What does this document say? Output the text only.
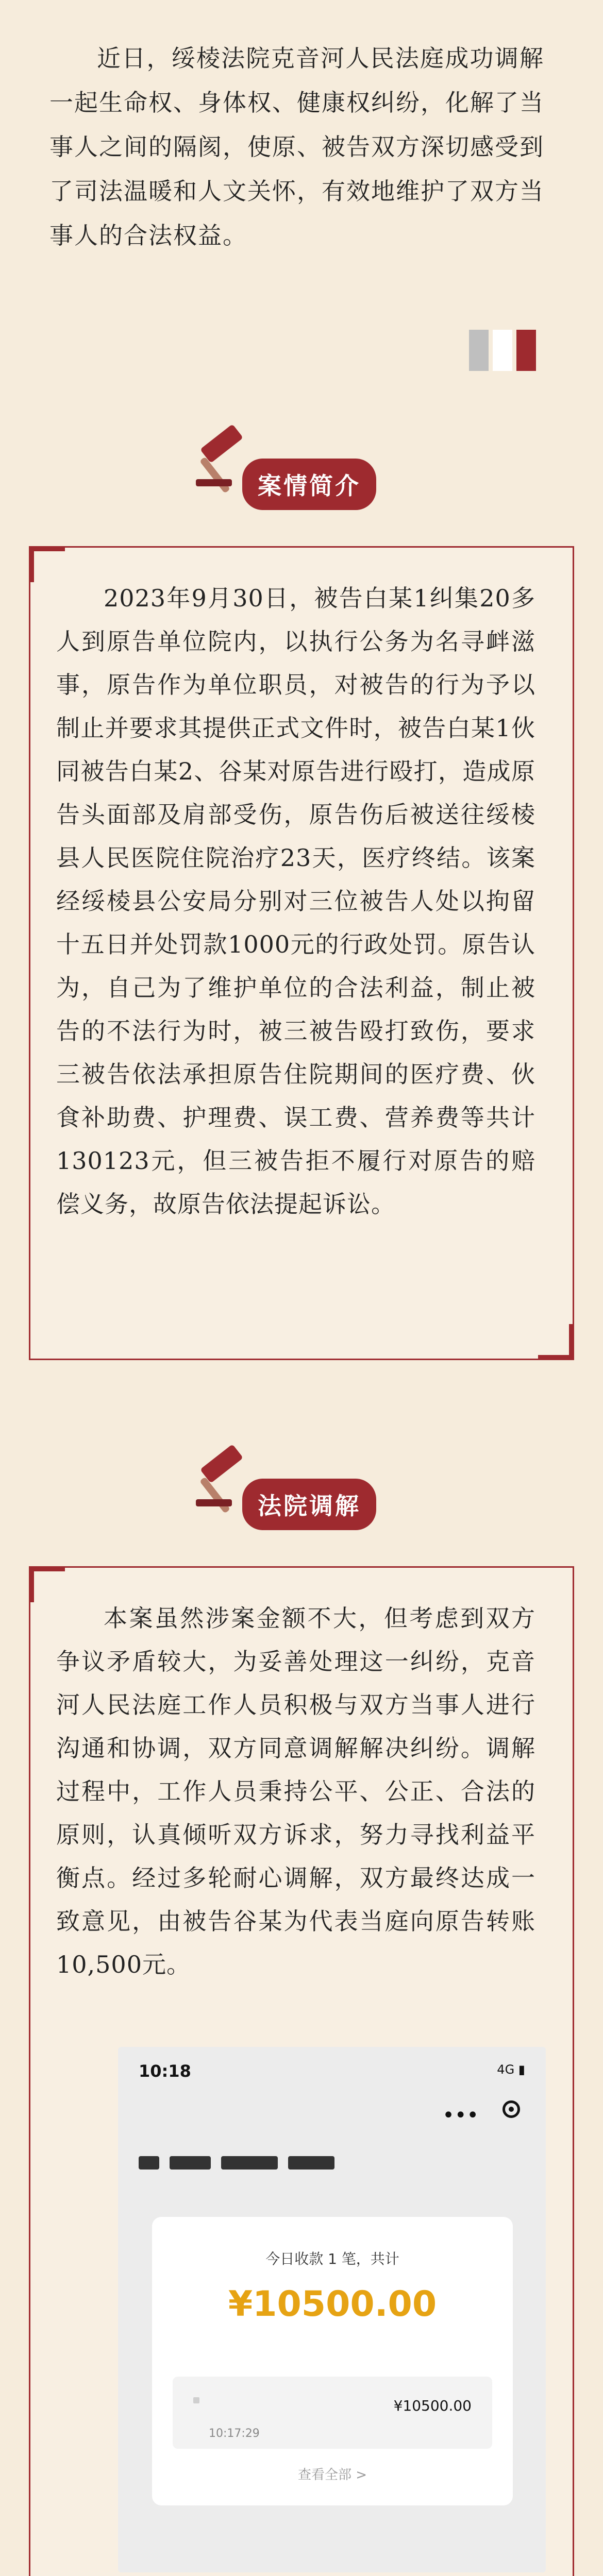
近日，绥棱法院克音河人民法庭成功调解一起生命权、身体权、健康权纠纷，化解了当事人之间的隔阂，使原、被告双方深切感受到了司法温暖和人文关怀，有效地维护了双方当事人的合法权益。
案情简介

2023年9月30日，被告白某1纠集20多人到原告单位院内，以执行公务为名寻衅滋事，原告作为单位职员，对被告的行为予以制止并要求其提供正式文件时，被告白某1伙同被告白某2、谷某对原告进行殴打，造成原告头面部及肩部受伤，原告伤后被送往绥棱县人民医院住院治疗23天，医疗终结。该案经绥棱县公安局分别对三位被告人处以拘留十五日并处罚款1000元的行政处罚。原告认为，自己为了维护单位的合法利益，制止被告的不法行为时，被三被告殴打致伤，要求三被告依法承担原告住院期间的医疗费、伙食补助费、护理费、误工费、营养费等共计130123元，但三被告拒不履行对原告的赔偿义务，故原告依法提起诉讼。

法院调解

本案虽然涉案金额不大，但考虑到双方争议矛盾较大，为妥善处理这一纠纷，克音河人民法庭工作人员积极与双方当事人进行沟通和协调，双方同意调解解决纠纷。调解过程中，工作人员秉持公平、公正、合法的原则，认真倾听双方诉求，努力寻找利益平衡点。经过多轮耐心调解，双方最终达成一致意见，由被告谷某为代表当庭向原告转账10,500元。

10:18	4G ▮
•••
今日收款 1 笔，共计
¥10500.00
¥10500.00
10:17:29
查看全部 >
